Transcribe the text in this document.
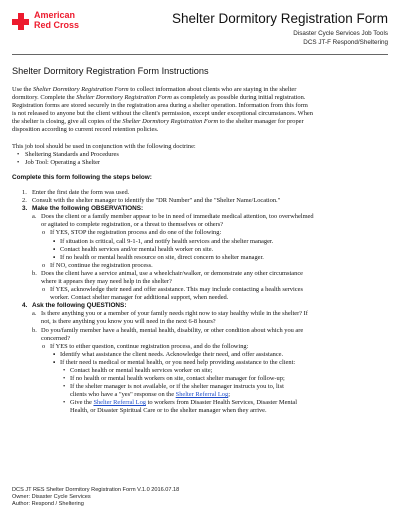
American
Red Cross	Shelter Dormitory Registration Form
Disaster Cycle Services Job Tools
DCS JT-F Respond/Sheltering
Shelter Dormitory Registration Form Instructions

Use the Shelter Dormitory Registration Form to collect information about clients who are staying in the shelter

dormitory. Complete the Shelter Dormitory Registration Form as completely as possible during initial registration.

Registration forms are stored securely in the registration area during a shelter operation. Information from this form

is not released to anyone but the client without the client's permission, except under exceptional circumstances. When

the shelter is closing, give all copies of the Shelter Dormitory Registration Form to the shelter manager for proper

disposition according to current record retention policies.

This job tool should be used in conjunction with the following doctrine:

• Sheltering Standards and Procedures

• Job Tool: Operating a Shelter

Complete this form following the steps below:

1. Enter the first date the form was used.

2. Consult with the shelter manager to identify the "DR Number" and the "Shelter Name/Location."

3. Make the following OBSERVATIONS:

a. Does the client or a family member appear to be in need of immediate medical attention, too overwhelmed

or agitated to complete registration, or a threat to themselves or others?

o If YES, STOP the registration process and do one of the following:

▪ If situation is critical, call 9-1-1, and notify health services and the shelter manager.

▪ Contact health services and/or mental health worker on site.

▪ If no health or mental health resource on site, direct concern to shelter manager.

o If NO, continue the registration process.

b. Does the client have a service animal, use a wheelchair/walker, or demonstrate any other circumstance

where it appears they may need help in the shelter?

o If YES, acknowledge their need and offer assistance. This may include contacting a health services

worker. Contact shelter manager for additional support, when needed.

4. Ask the following QUESTIONS:

a. Is there anything you or a member of your family needs right now to stay healthy while in the shelter? If

not, is there anything you know you will need in the next 6-8 hours?

b. Do you/family member have a health, mental health, disability, or other condition about which you are

concerned?

o If YES to either question, continue registration process, and do the following:

▪ Identify what assistance the client needs. Acknowledge their need, and offer assistance.

▪ If their need is medical or mental health, or you need help providing assistance to the client:

• Contact health or mental health services worker on site;

• If no health or mental health workers on site, contact shelter manager for follow-up;

• If the shelter manager is not available, or if the shelter manager instructs you to, list

clients who have a "yes" response on the Shelter Referral Log;

• Give the Shelter Referral Log to workers from Disaster Health Services, Disaster Mental

Health, or Disaster Spiritual Care or to the shelter manager when they arrive.

DCS JT RES Shelter Dormitory Registration Form V.1.0 2016.07.18
Owner: Disaster Cycle Services
Author: Respond / Sheltering
